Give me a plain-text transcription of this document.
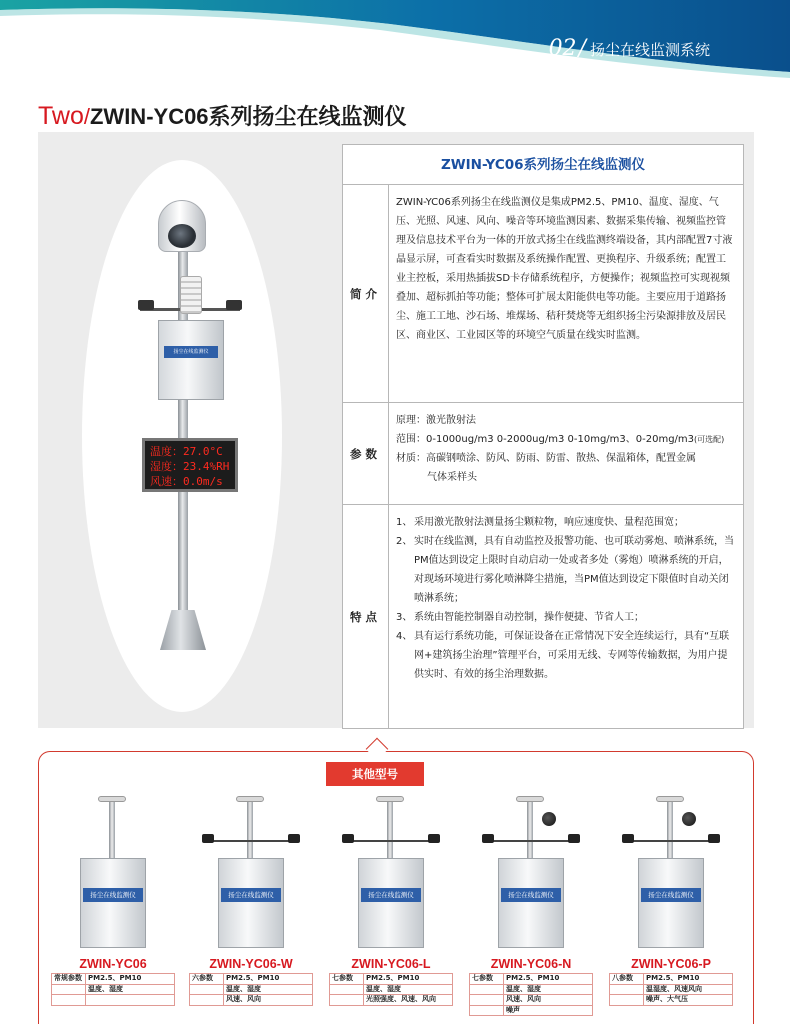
02 / 扬尘在线监测系统
Two/ZWIN-YC06系列扬尘在线监测仪
扬尘在线监测仪
温度：27.0°C
湿度：23.4%RH
风速：0.0m/s
ZWIN-YC06系列扬尘在线监测仪
简介
ZWIN-YC06系列扬尘在线监测仪是集成PM2.5、PM10、温度、湿度、气压、光照、风速、风向、噪音等环境监测因素、数据采集传输、视频监控管理及信息技术平台为一体的开放式扬尘在线监测终端设备，其内部配置7寸液晶显示屏，可查看实时数据及系统操作配置、更换程序、升级系统；配置工业主控板，采用热插拔SD卡存储系统程序，方便操作；视频监控可实现视频叠加、超标抓拍等功能；整体可扩展太阳能供电等功能。主要应用于道路扬尘、施工工地、沙石场、堆煤场、秸秆焚烧等无组织扬尘污染源排放及居民区、商业区、工业园区等的环境空气质量在线实时监测。
参数
原理：激光散射法
范围：0-1000ug/m3 0-2000ug/m3 0-10mg/m3、0-20mg/m3(可选配)
材质：高碳钢喷涂、防风、防雨、防雷、散热、保温箱体，配置金属
气体采样头
特点
1、 采用激光散射法测量扬尘颗粒物，响应速度快、量程范围宽；
2、 实时在线监测，具有自动监控及报警功能、也可联动雾炮、喷淋系统，当PM值达到设定上限时自动启动一处或者多处（雾炮）喷淋系统的开启，对现场环境进行雾化喷淋降尘措施，当PM值达到设定下限值时自动关闭喷淋系统；
3、 系统由智能控制器自动控制，操作便捷、节省人工；
4、 具有运行系统功能，可保证设备在正常情况下安全连续运行，具有“互联网+建筑扬尘治理”管理平台，可采用无线、专网等传输数据，为用户提供实时、有效的扬尘治理数据。
其他型号
扬尘在线监测仪
ZWIN-YC06
常规参数	PM2.5、PM10
	温度、湿度

扬尘在线监测仪
ZWIN-YC06-W
六参数	PM2.5、PM10
	温度、湿度
	风速、风向
扬尘在线监测仪
ZWIN-YC06-L
七参数	PM2.5、PM10
	温度、湿度
	光照强度、风速、风向
扬尘在线监测仪
ZWIN-YC06-N
七参数	PM2.5、PM10
	温度、湿度
	风速、风向
	噪声
扬尘在线监测仪
ZWIN-YC06-P
八参数	PM2.5、PM10
	温湿度、风速风向
	噪声、大气压
